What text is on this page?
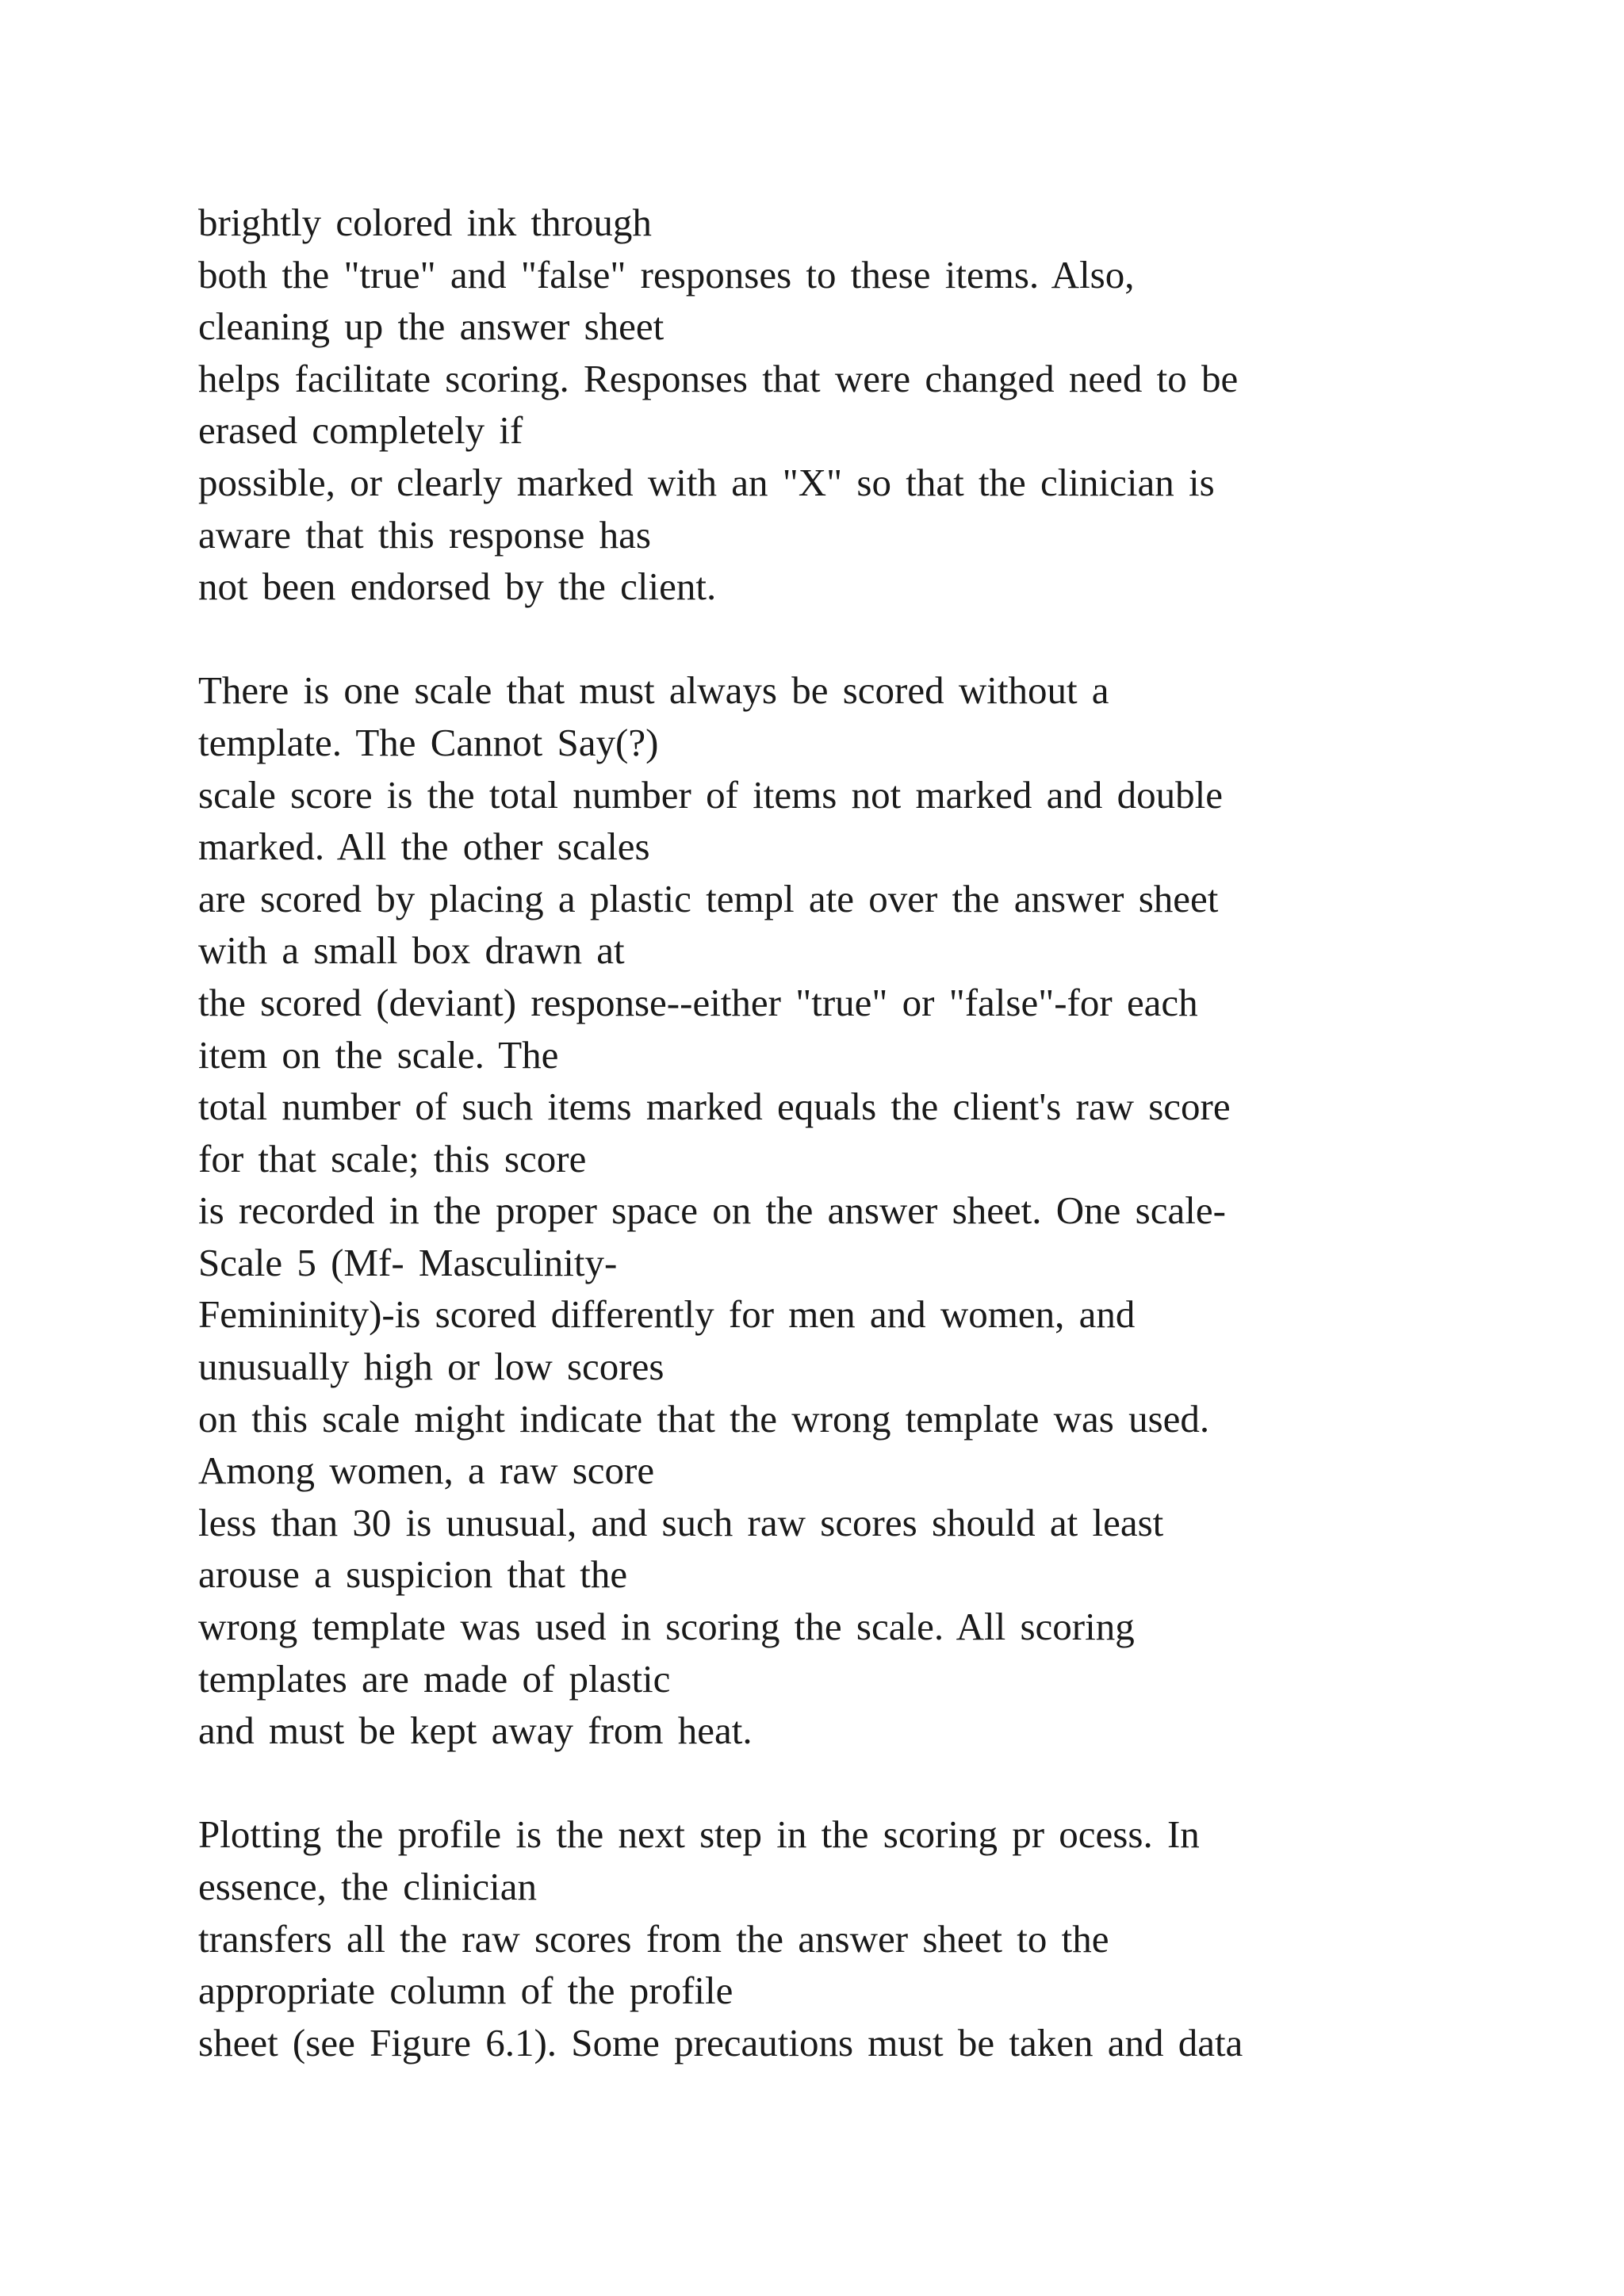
brightly colored ink through
both the "true" and "false" responses to these items. Also,
cleaning up the answer sheet
helps facilitate scoring. Responses that were changed need to be
erased completely if
possible, or clearly marked with an "X" so that the clinician is
aware that this response has
not been endorsed by the client.
There is one scale that must always be scored without a
template. The Cannot Say(?)
scale score is the total number of items not marked and double
marked. All the other scales
are scored by placing a plastic templ ate over the answer sheet
with a small box drawn at
the scored (deviant) response--either "true" or "false"-for each
item on the scale. The
total number of such items marked equals the client's raw score
for that scale; this score
is recorded in the proper space on the answer sheet. One scale-
Scale 5 (Mf- Masculinity-
Femininity)-is scored differently for men and women, and
unusually high or low scores
on this scale might indicate that the wrong template was used.
Among women, a raw score
less than 30 is unusual, and such raw scores should at least
arouse a suspicion that the
wrong template was used in scoring the scale. All scoring
templates are made of plastic
and must be kept away from heat.
Plotting the profile is the next step in the scoring pr ocess. In
essence, the clinician
transfers all the raw scores from the answer sheet to the
appropriate column of the profile
sheet (see Figure 6.1). Some precautions must be taken and data
